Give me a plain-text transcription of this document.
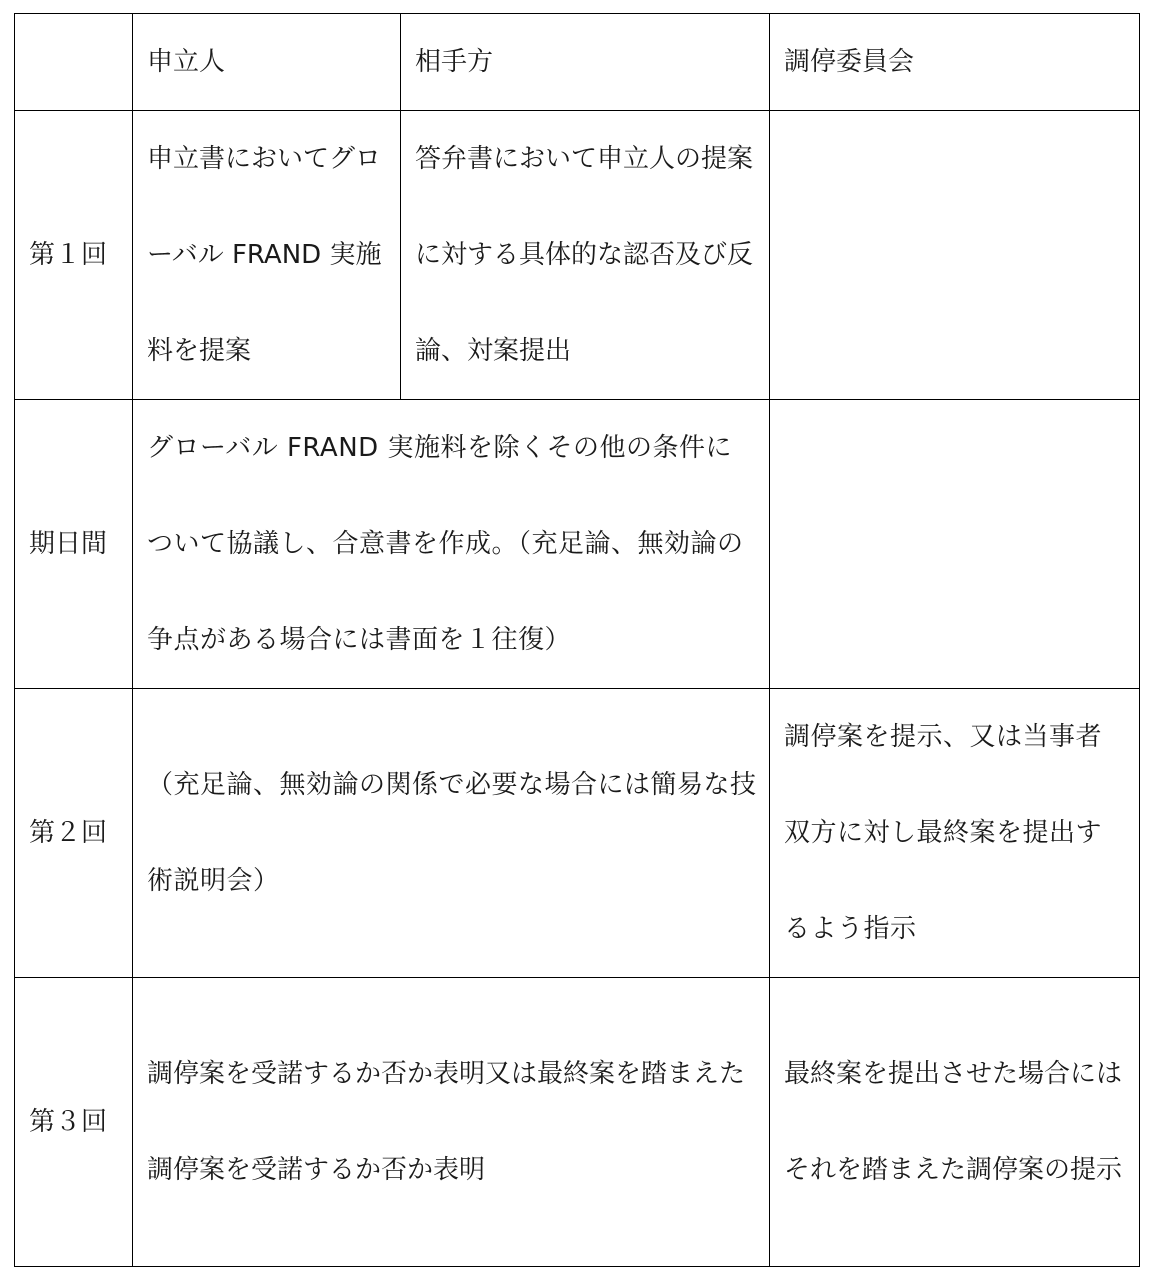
	申立人	相手方	調停委員会
第１回	申立書においてグローバル FRAND 実施料を提案	答弁書において申立人の提案に対する具体的な認否及び反論、対案提出	
期日間	グローバル FRAND 実施料を除くその他の条件について協議し、合意書を作成。（充足論、無効論の争点がある場合には書面を１往復）		
第２回	（充足論、無効論の関係で必要な場合には簡易な技術説明会）		調停案を提示、又は当事者双方に対し最終案を提出するよう指示
第３回	調停案を受諾するか否か表明又は最終案を踏まえた調停案を受諾するか否か表明		最終案を提出させた場合にはそれを踏まえた調停案の提示
